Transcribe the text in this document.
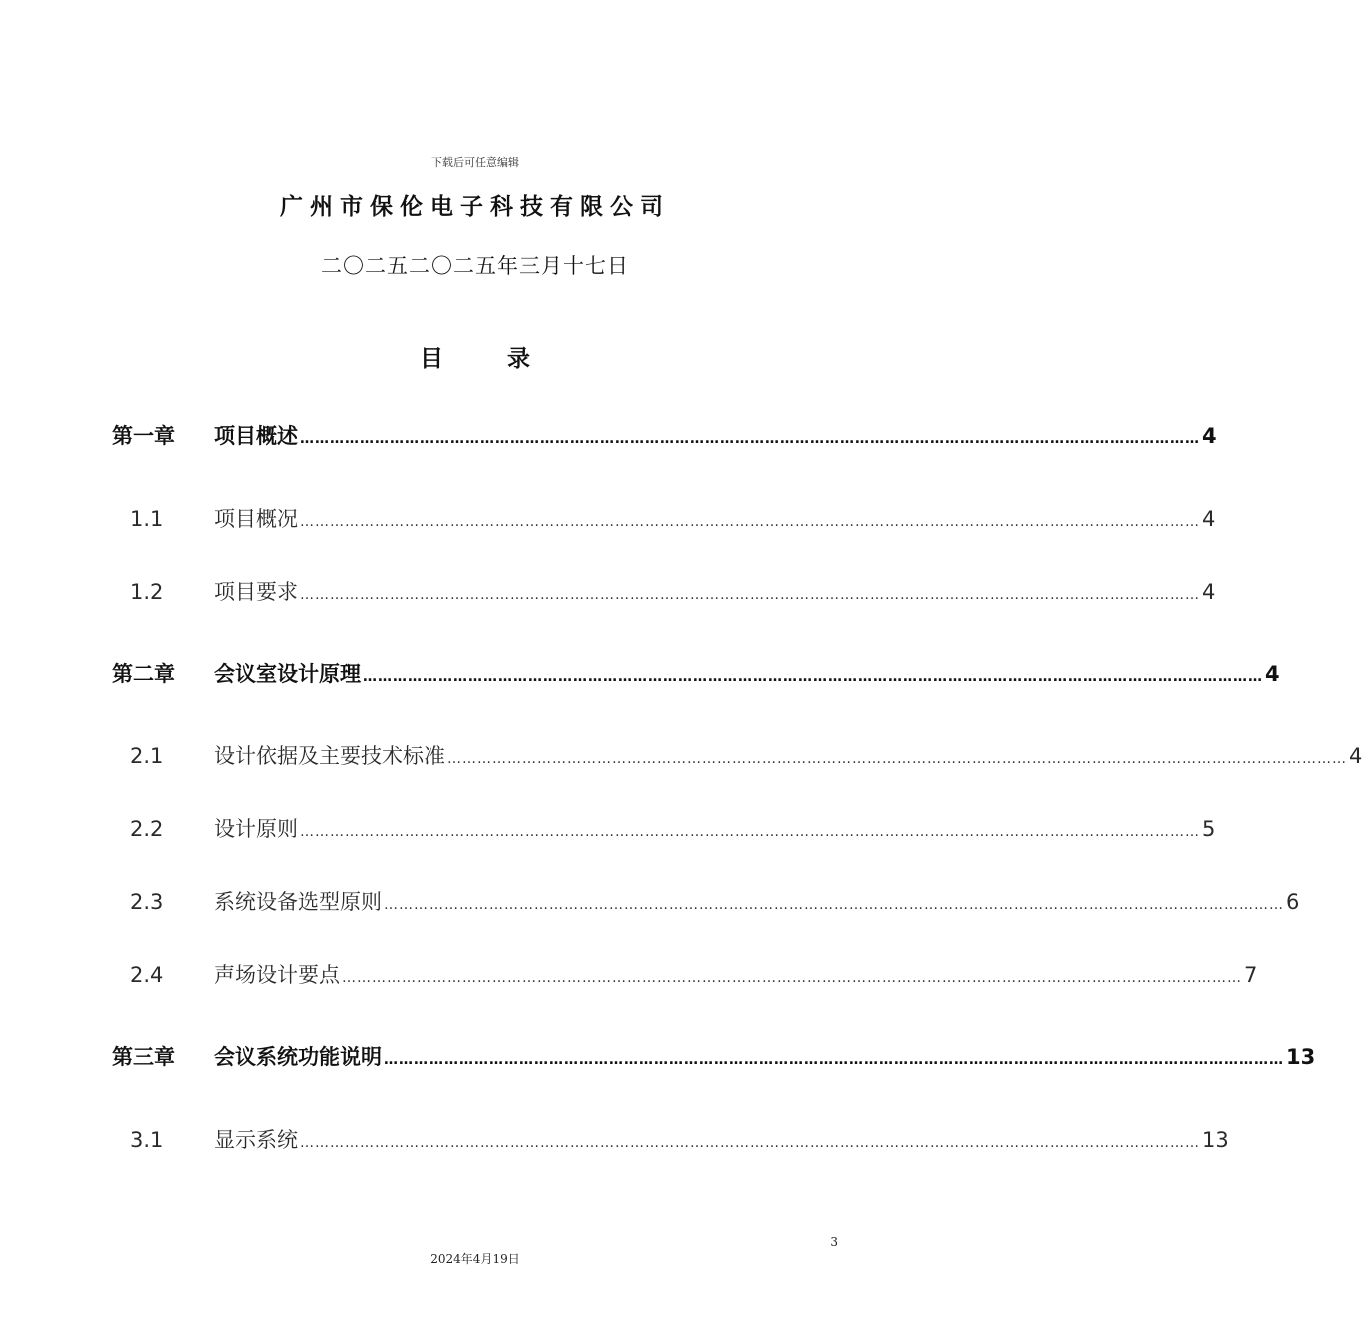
下载后可任意编辑
广州市保伦电子科技有限公司
二〇二五二〇二五年三月十七日
目 录
第一章	项目概述 ……………………………………………………………………………………………………………………………………………………………… 4
1.1	项目概况 ……………………………………………………………………………………………………………………………………………………………… 4
1.2	项目要求 ……………………………………………………………………………………………………………………………………………………………… 4
第二章	会议室设计原理 ……………………………………………………………………………………………………………………………………………………………… 4
2.1	设计依据及主要技术标准 ……………………………………………………………………………………………………………………………………………………………… 4
2.2	设计原则 ……………………………………………………………………………………………………………………………………………………………… 5
2.3	系统设备选型原则 ……………………………………………………………………………………………………………………………………………………………… 6
2.4	声场设计要点 ……………………………………………………………………………………………………………………………………………………………… 7
第三章	会议系统功能说明 ……………………………………………………………………………………………………………………………………………………………… 13
3.1	显示系统 ……………………………………………………………………………………………………………………………………………………………… 13
3
2024年4月19日
